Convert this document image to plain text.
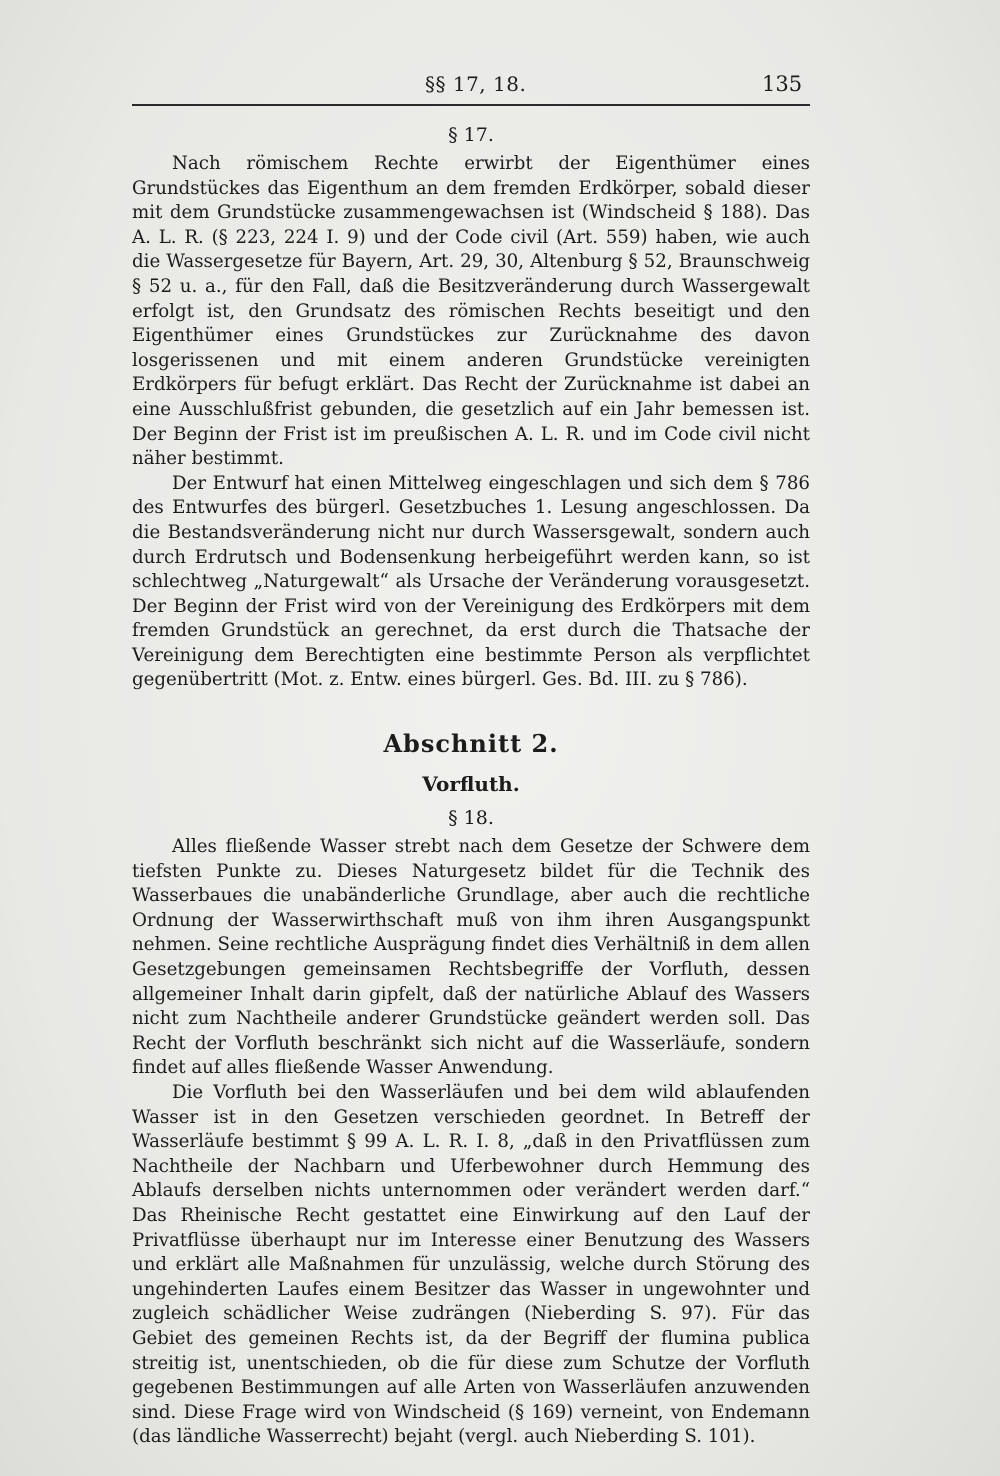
§§ 17, 18.	135
§ 17.

Nach römischem Rechte erwirbt der Eigenthümer eines Grundstückes das Eigenthum an dem fremden Erdkörper, sobald dieser mit dem Grundstücke zusammengewachsen ist (Windscheid § 188). Das A. L. R. (§ 223, 224 I. 9) und der Code civil (Art. 559) haben, wie auch die Wassergesetze für Bayern, Art. 29, 30, Altenburg § 52, Braunschweig § 52 u. a., für den Fall, daß die Besitzveränderung durch Wassergewalt erfolgt ist, den Grundsatz des römischen Rechts beseitigt und den Eigenthümer eines Grundstückes zur Zurücknahme des davon losgerissenen und mit einem anderen Grundstücke vereinigten Erdkörpers für befugt erklärt. Das Recht der Zurücknahme ist dabei an eine Ausschlußfrist gebunden, die gesetzlich auf ein Jahr bemessen ist. Der Beginn der Frist ist im preußischen A. L. R. und im Code civil nicht näher bestimmt.

Der Entwurf hat einen Mittelweg eingeschlagen und sich dem § 786 des Entwurfes des bürgerl. Gesetzbuches 1. Lesung angeschlossen. Da die Bestandsveränderung nicht nur durch Wassersgewalt, sondern auch durch Erdrutsch und Bodensenkung herbeigeführt werden kann, so ist schlechtweg „Naturgewalt“ als Ursache der Veränderung vorausgesetzt. Der Beginn der Frist wird von der Vereinigung des Erdkörpers mit dem fremden Grundstück an gerechnet, da erst durch die Thatsache der Vereinigung dem Berechtigten eine bestimmte Person als verpflichtet gegenübertritt (Mot. z. Entw. eines bürgerl. Ges. Bd. III. zu § 786).

Abschnitt 2.
Vorfluth.
§ 18.

Alles fließende Wasser strebt nach dem Gesetze der Schwere dem tiefsten Punkte zu. Dieses Naturgesetz bildet für die Technik des Wasserbaues die unabänderliche Grundlage, aber auch die rechtliche Ordnung der Wasserwirthschaft muß von ihm ihren Ausgangspunkt nehmen. Seine rechtliche Ausprägung findet dies Verhältniß in dem allen Gesetzgebungen gemeinsamen Rechtsbegriffe der Vorfluth, dessen allgemeiner Inhalt darin gipfelt, daß der natürliche Ablauf des Wassers nicht zum Nachtheile anderer Grundstücke geändert werden soll. Das Recht der Vorfluth beschränkt sich nicht auf die Wasserläufe, sondern findet auf alles fließende Wasser Anwendung.

Die Vorfluth bei den Wasserläufen und bei dem wild ablaufenden Wasser ist in den Gesetzen verschieden geordnet. In Betreff der Wasserläufe bestimmt § 99 A. L. R. I. 8, „daß in den Privatflüssen zum Nachtheile der Nachbarn und Uferbewohner durch Hemmung des Ablaufs derselben nichts unternommen oder verändert werden darf.“ Das Rheinische Recht gestattet eine Einwirkung auf den Lauf der Privatflüsse überhaupt nur im Interesse einer Benutzung des Wassers und erklärt alle Maßnahmen für unzulässig, welche durch Störung des ungehinderten Laufes einem Besitzer das Wasser in ungewohnter und zugleich schädlicher Weise zudrängen (Nieberding S. 97). Für das Gebiet des gemeinen Rechts ist, da der Begriff der flumina publica streitig ist, unentschieden, ob die für diese zum Schutze der Vorfluth gegebenen Bestimmungen auf alle Arten von Wasserläufen anzuwenden sind. Diese Frage wird von Windscheid (§ 169) verneint, von Endemann (das ländliche Wasserrecht) bejaht (vergl. auch Nieberding S. 101).
